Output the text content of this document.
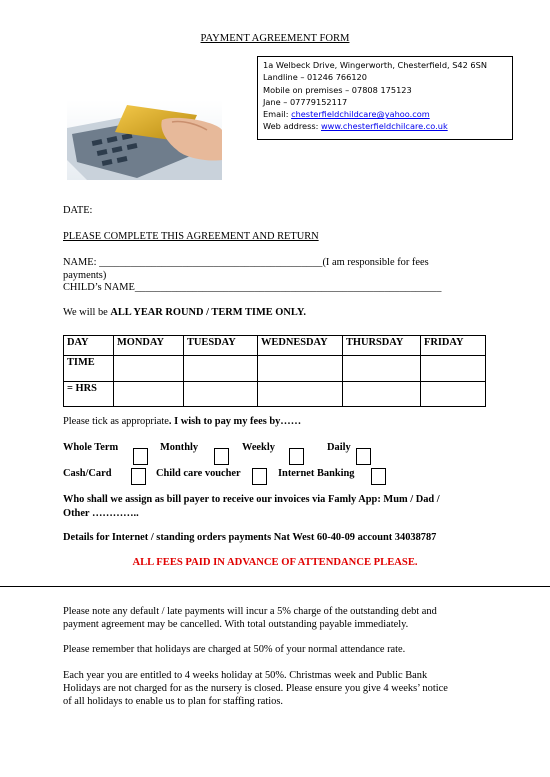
PAYMENT AGREEMENT FORM
1a Welbeck Drive, Wingerworth, Chesterfield, S42 6SN
Landline – 01246 766120
Mobile on premises – 07808 175123
Jane – 07779152117
Email: chesterfieldchildcare@yahoo.com
Web address: www.chesterfieldchilcare.co.uk
DATE:
PLEASE COMPLETE THIS AGREEMENT AND RETURN
NAME: ___________________________________________(I am responsible for fees
payments)
CHILD’s NAME___________________________________________________________
We will be ALL YEAR ROUND / TERM TIME ONLY.
DAY	MONDAY	TUESDAY	WEDNESDAY	THURSDAY	FRIDAY
TIME					
= HRS					
Please tick as appropriate. I wish to pay my fees by……
Whole Term	Monthly	Weekly	Daily
Cash/Card	Child care voucher	Internet Banking
Who shall we assign as bill payer to receive our invoices via Famly App: Mum / Dad /
Other …………..
Details for Internet / standing orders payments Nat West 60-40-09 account 34038787
ALL FEES PAID IN ADVANCE OF ATTENDANCE PLEASE.
Please note any default / late payments will incur a 5% charge of the outstanding debt and
payment agreement may be cancelled. With total outstanding payable immediately.
Please remember that holidays are charged at 50% of your normal attendance rate.
Each year you are entitled to 4 weeks holiday at 50%. Christmas week and Public Bank
Holidays are not charged for as the nursery is closed. Please ensure you give 4 weeks’ notice
of all holidays to enable us to plan for staffing ratios.
